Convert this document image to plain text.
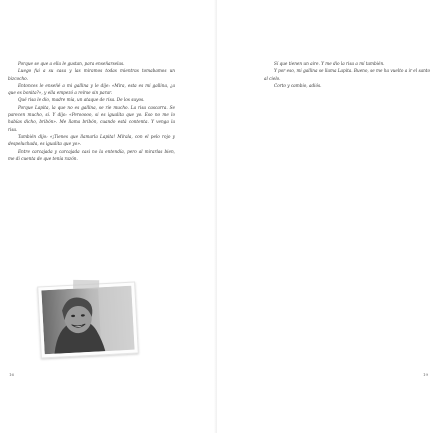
Porque se que a ella le gustan, para enseñarselas.

Luego fui a su casa y las miramos todas mientras tomabamos un bizcocho.

Entonces le enseñé a mi gallina y le dije: «Mira, esta es mi gallina, ¿a que es bonita?», y ella empezó a reírse sin parar.

Qué risa le dio, madre mía, un ataque de risa. De los suyos.

Porque Lapita, la que no es gallina, se ríe mucho. La risa cascarra. Se parecen mucho, sí. Y dijo: «Perooooo, si es igualita que yo. Eso no me lo habías dicho, bribón». Me llama bribón, cuando está contenta. Y venga la risa.

También dijo: «¡Tienes que llamarla Lapita! Mírala, con el pelo rojo y despeluchada, es igualita que yo».

Entre carcajada y carcajada casi no la entendía, pero al mirarlas bien, me di cuenta de que tenía razón.

16

Sí que tienen un aire. Y me dio la risa a mí también.

Y por eso, mi gallina se llama Lapita. Bueno, se me ha vuelto a ir el santo al cielo.

Corto y cambio, adiós.

19
